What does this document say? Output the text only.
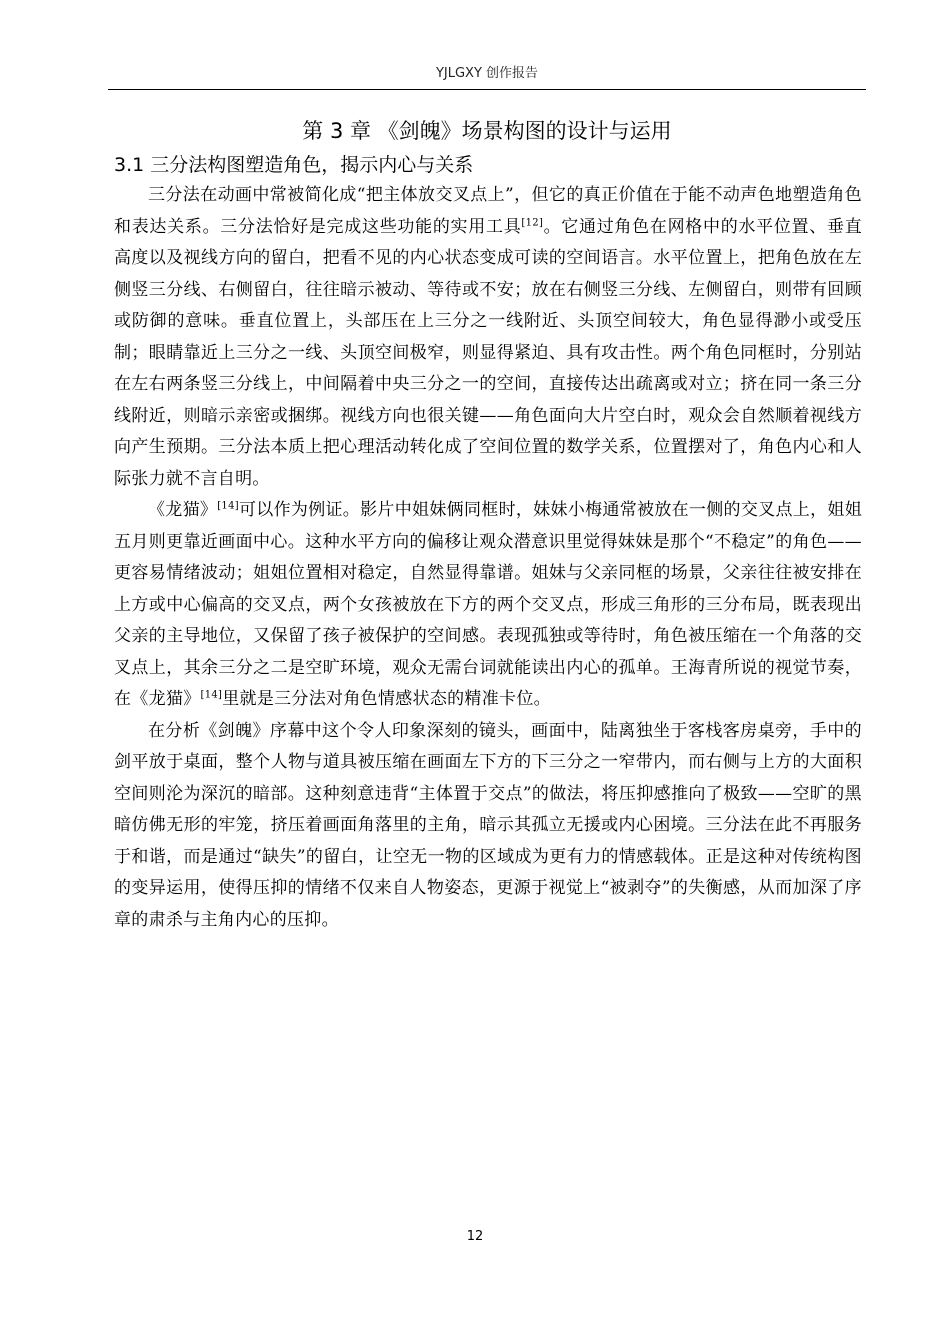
YJLGXY 创作报告
第 3 章 《剑魄》场景构图的设计与运用
3.1 三分法构图塑造角色，揭示内心与关系

三分法在动画中常被简化成“把主体放交叉点上”，但它的真正价值在于能不动声色地塑造角色和表达关系。三分法恰好是完成这些功能的实用工具[12]。它通过角色在网格中的水平位置、垂直高度以及视线方向的留白，把看不见的内心状态变成可读的空间语言。水平位置上，把角色放在左侧竖三分线、右侧留白，往往暗示被动、等待或不安；放在右侧竖三分线、左侧留白，则带有回顾或防御的意味。垂直位置上，头部压在上三分之一线附近、头顶空间较大，角色显得渺小或受压制；眼睛靠近上三分之一线、头顶空间极窄，则显得紧迫、具有攻击性。两个角色同框时，分别站在左右两条竖三分线上，中间隔着中央三分之一的空间，直接传达出疏离或对立；挤在同一条三分线附近，则暗示亲密或捆绑。视线方向也很关键——角色面向大片空白时，观众会自然顺着视线方向产生预期。三分法本质上把心理活动转化成了空间位置的数学关系，位置摆对了，角色内心和人际张力就不言自明。

《龙猫》[14]可以作为例证。影片中姐妹俩同框时，妹妹小梅通常被放在一侧的交叉点上，姐姐五月则更靠近画面中心。这种水平方向的偏移让观众潜意识里觉得妹妹是那个“不稳定”的角色——更容易情绪波动；姐姐位置相对稳定，自然显得靠谱。姐妹与父亲同框的场景，父亲往往被安排在上方或中心偏高的交叉点，两个女孩被放在下方的两个交叉点，形成三角形的三分布局，既表现出父亲的主导地位，又保留了孩子被保护的空间感。表现孤独或等待时，角色被压缩在一个角落的交叉点上，其余三分之二是空旷环境，观众无需台词就能读出内心的孤单。王海青所说的视觉节奏，在《龙猫》[14]里就是三分法对角色情感状态的精准卡位。

在分析《剑魄》序幕中这个令人印象深刻的镜头，画面中，陆离独坐于客栈客房桌旁，手中的剑平放于桌面，整个人物与道具被压缩在画面左下方的下三分之一窄带内，而右侧与上方的大面积空间则沦为深沉的暗部。这种刻意违背“主体置于交点”的做法，将压抑感推向了极致——空旷的黑暗仿佛无形的牢笼，挤压着画面角落里的主角，暗示其孤立无援或内心困境。三分法在此不再服务于和谐，而是通过“缺失”的留白，让空无一物的区域成为更有力的情感载体。正是这种对传统构图的变异运用，使得压抑的情绪不仅来自人物姿态，更源于视觉上“被剥夺”的失衡感，从而加深了序章的肃杀与主角内心的压抑。

12
